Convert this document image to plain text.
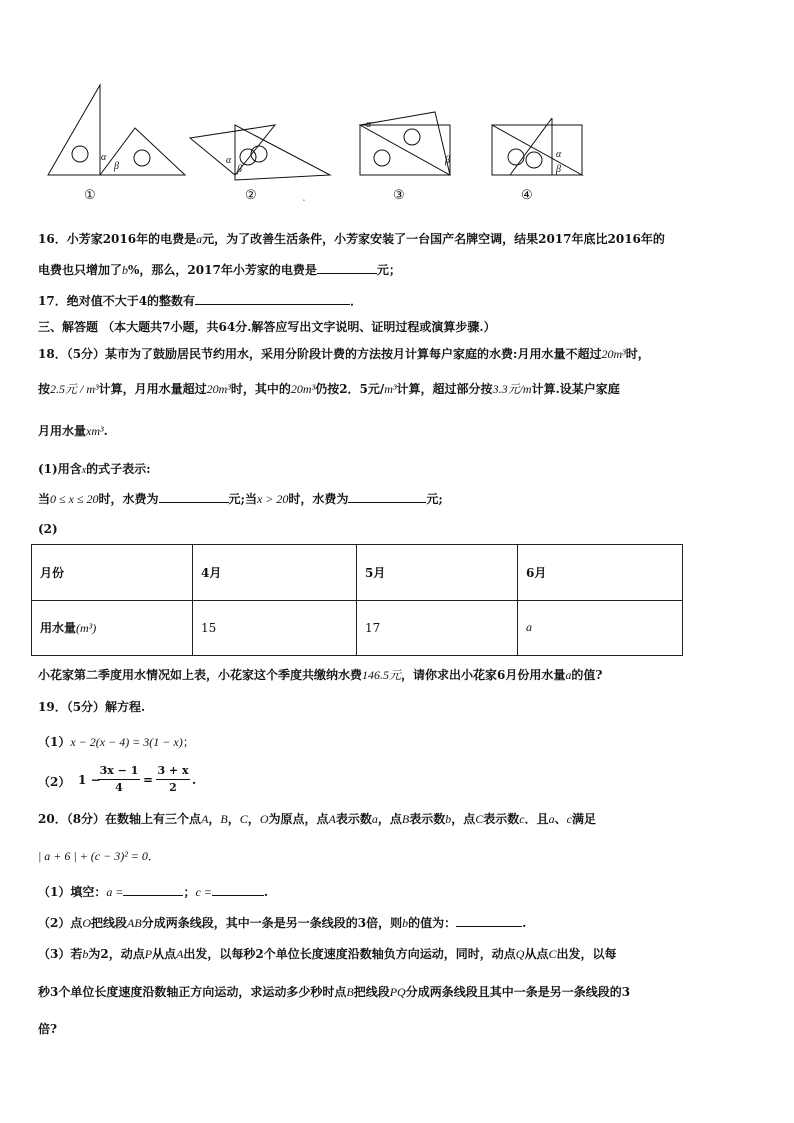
α
β
α
β
α
β
α
β
①	②	③	④
.
16．小芳家2016年的电费是a元，为了改善生活条件，小芳家安装了一台国产名牌空调，结果2017年底比2016年的
电费也只增加了b%，那么，2017年小芳家的电费是	元；
17．绝对值不大于4的整数有	．
三、解答题 （本大题共7小题，共64分.解答应写出文字说明、证明过程或演算步骤.）
18．（5分）某市为了鼓励居民节约用水，采用分阶段计费的方法按月计算每户家庭的水费:月用水量不超过20m³时，
按2.5元 / m³计算，月用水量超过20m³时，其中的20m³仍按2．5元/m³计算，超过部分按3.3元/m计算.设某户家庭
月用水量xm³.
(1)用含x的式子表示:
当0 ≤ x ≤ 20时，水费为	元;当x > 20时，水费为	元;
(2)
月份	4月	5月	6月
用水量(m³)	15	17	a
小花家第二季度用水情况如上表，小花家这个季度共缴纳水费146.5元，请你求出小花家6月份用水量a的值?
19．（5分）解方程.
（1）x − 2(x − 4) = 3(1 − x)；
（2） 1 −
3x − 1
4
=
3 + x
2
.
20．（8分）在数轴上有三个点A，B，C，O为原点，点A表示数a，点B表示数b，点C表示数c．且a、c满足
| a + 6 | + (c − 3)² = 0．
（1）填空：a =	；c =	.
（2）点O把线段AB分成两条线段，其中一条是另一条线段的3倍，则b的值为：	.
（3）若b为2，动点P从点A出发，以每秒2个单位长度速度沿数轴负方向运动，同时，动点Q从点C出发，以每
秒3个单位长度速度沿数轴正方向运动，求运动多少秒时点B把线段PQ分成两条线段且其中一条是另一条线段的3
倍?
